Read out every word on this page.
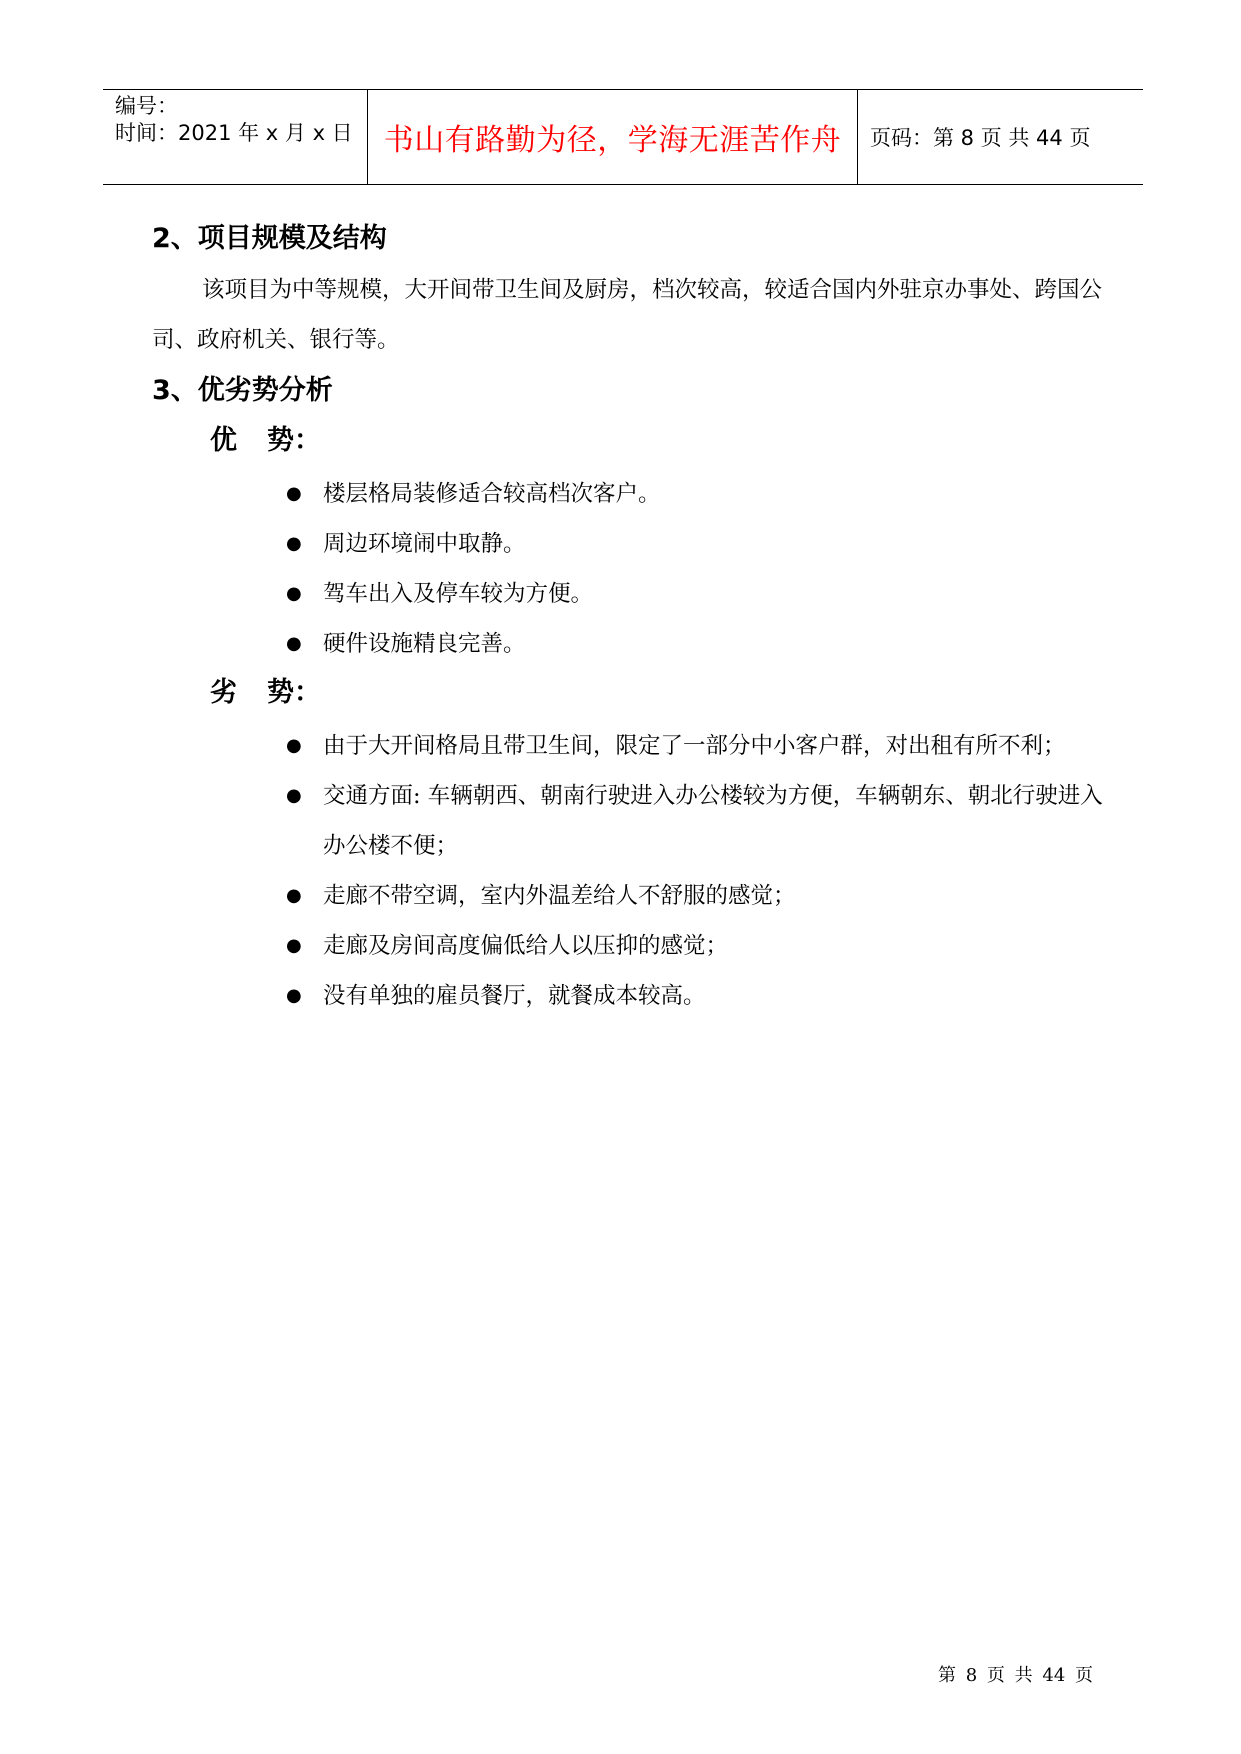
编号：
时间：2021 年 x 月 x 日 书山有路勤为径，学海无涯苦作舟 页码：第 8 页 共 44 页
2、项目规模及结构
该项目为中等规模，大开间带卫生间及厨房，档次较高，较适合国内外驻京办事处、跨国公司、政府机关、银行等。
3、优劣势分析
优 势：
● 楼层格局装修适合较高档次客户。
● 周边环境闹中取静。
● 驾车出入及停车较为方便。
● 硬件设施精良完善。
劣 势：
● 由于大开间格局且带卫生间，限定了一部分中小客户群，对出租有所不利；
● 交通方面: 车辆朝西、朝南行驶进入办公楼较为方便，车辆朝东、朝北行驶进入办公楼不便；
● 走廊不带空调，室内外温差给人不舒服的感觉；
● 走廊及房间高度偏低给人以压抑的感觉；
● 没有单独的雇员餐厅，就餐成本较高。
第 8 页 共 44 页
